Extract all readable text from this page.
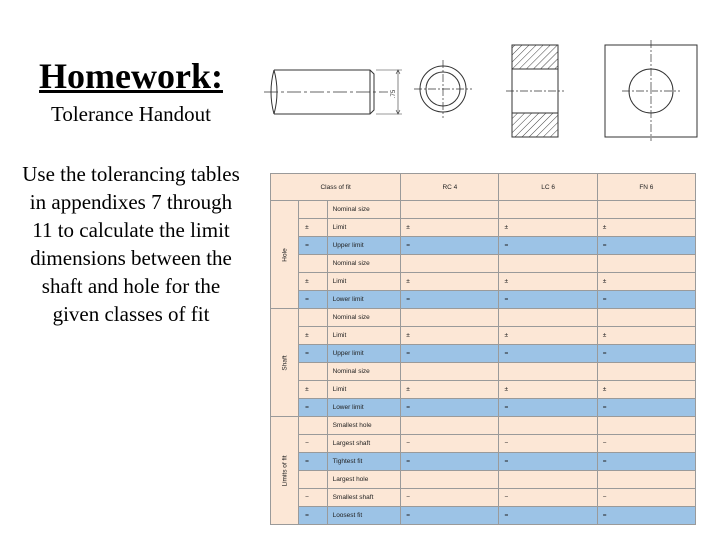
Homework:
Tolerance Handout
Use the tolerancing tables in appendixes 7 through 11 to calculate the limit dimensions between the shaft and hole for the given classes of fit
.75
Class of fit			RC 4	LC 6	FN 6

Hole		Nominal size			
	±	Limit	±	±	±
	=	Upper limit	=	=	=
		Nominal size			
	±	Limit	±	±	±
	=	Lower limit	=	=	=

Shaft		Nominal size			
	±	Limit	±	±	±
	=	Upper limit	=	=	=
		Nominal size			
	±	Limit	±	±	±
	=	Lower limit	=	=	=

Limits of fit		Smallest hole			
	−	Largest shaft	−	−	−
	=	Tightest fit	=	=	=
		Largest hole			
	−	Smallest shaft	−	−	−
	=	Loosest fit	=	=	=
